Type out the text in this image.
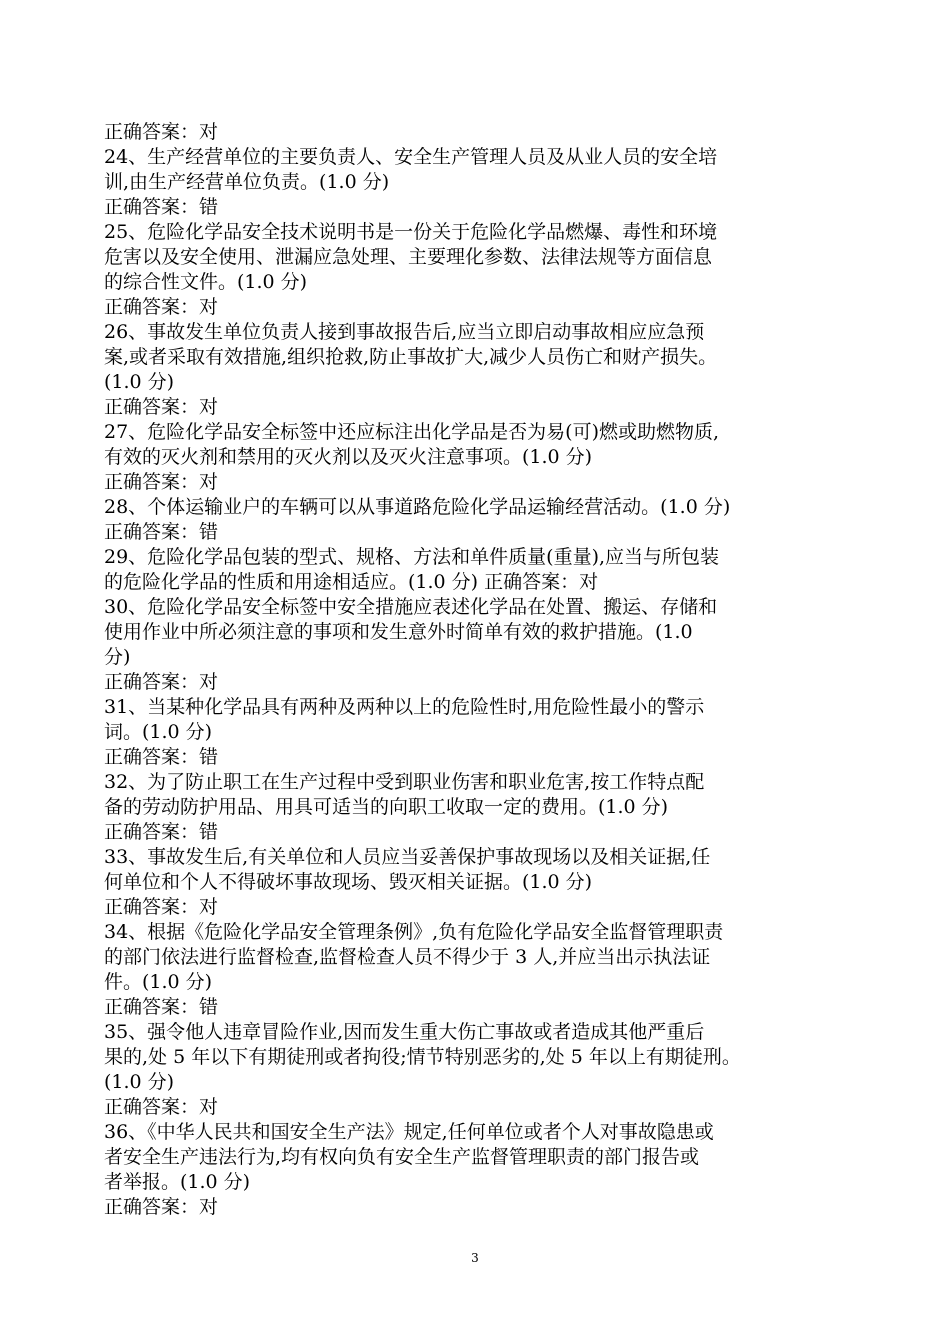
正确答案：对
24、生产经营单位的主要负责人、安全生产管理人员及从业人员的安全培
训,由生产经营单位负责。(1.0 分)
正确答案：错
25、危险化学品安全技术说明书是一份关于危险化学品燃爆、毒性和环境
危害以及安全使用、泄漏应急处理、主要理化参数、法律法规等方面信息
的综合性文件。(1.0 分)
正确答案：对
26、事故发生单位负责人接到事故报告后,应当立即启动事故相应应急预
案,或者采取有效措施,组织抢救,防止事故扩大,减少人员伤亡和财产损失。
(1.0 分)
正确答案：对
27、危险化学品安全标签中还应标注出化学品是否为易(可)燃或助燃物质,
有效的灭火剂和禁用的灭火剂以及灭火注意事项。(1.0 分)
正确答案：对
28、个体运输业户的车辆可以从事道路危险化学品运输经营活动。(1.0 分)
正确答案：错
29、危险化学品包装的型式、规格、方法和单件质量(重量),应当与所包装
的危险化学品的性质和用途相适应。(1.0 分) 正确答案：对
30、危险化学品安全标签中安全措施应表述化学品在处置、搬运、存储和
使用作业中所必须注意的事项和发生意外时简单有效的救护措施。(1.0
分)
正确答案：对
31、当某种化学品具有两种及两种以上的危险性时,用危险性最小的警示
词。(1.0 分)
正确答案：错
32、为了防止职工在生产过程中受到职业伤害和职业危害,按工作特点配
备的劳动防护用品、用具可适当的向职工收取一定的费用。(1.0 分)
正确答案：错
33、事故发生后,有关单位和人员应当妥善保护事故现场以及相关证据,任
何单位和个人不得破坏事故现场、毁灭相关证据。(1.0 分)
正确答案：对
34、根据《危险化学品安全管理条例》,负有危险化学品安全监督管理职责
的部门依法进行监督检查,监督检查人员不得少于 3 人,并应当出示执法证
件。(1.0 分)
正确答案：错
35、强令他人违章冒险作业,因而发生重大伤亡事故或者造成其他严重后
果的,处 5 年以下有期徒刑或者拘役;情节特别恶劣的,处 5 年以上有期徒刑。
(1.0 分)
正确答案：对
36、《中华人民共和国安全生产法》规定,任何单位或者个人对事故隐患或
者安全生产违法行为,均有权向负有安全生产监督管理职责的部门报告或
者举报。(1.0 分)
正确答案：对
3
